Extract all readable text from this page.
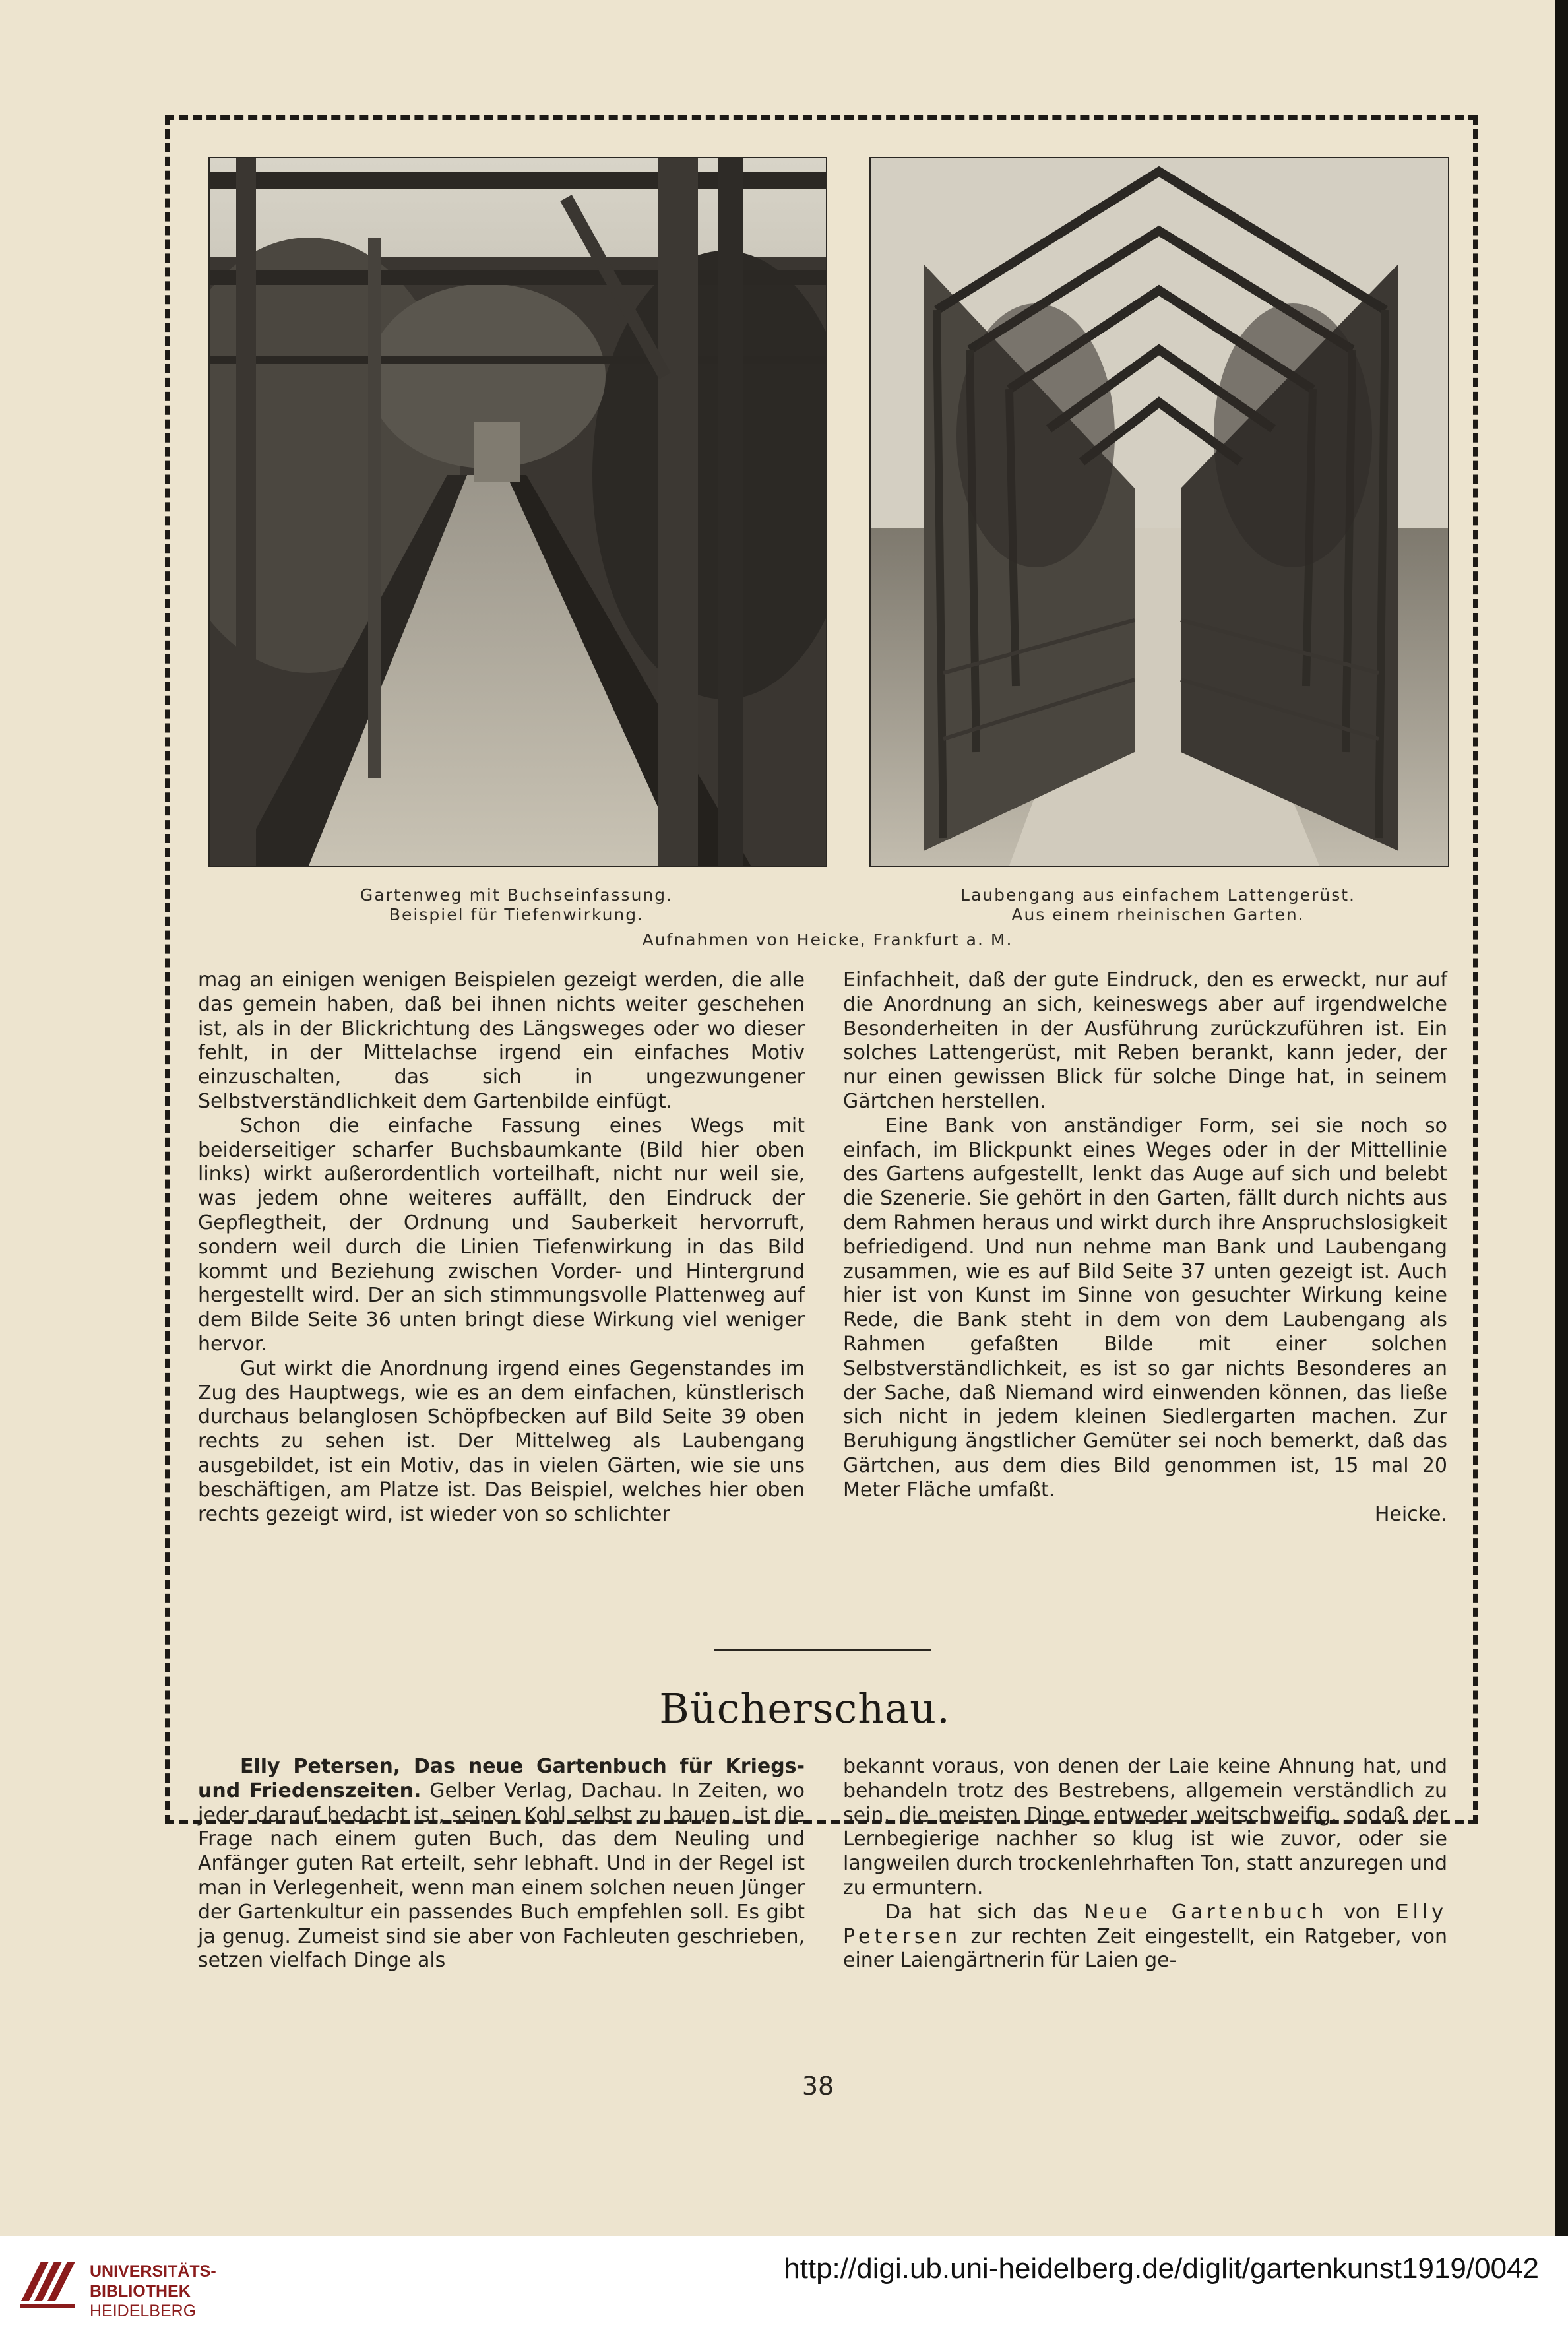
Gartenweg mit Buchseinfassung.
Beispiel für Tiefenwirkung.
Laubengang aus einfachem Lattengerüst.
Aus einem rheinischen Garten.
Aufnahmen von Heicke, Frankfurt a. M.

mag an einigen wenigen Beispielen gezeigt werden, die alle das gemein haben, daß bei ihnen nichts weiter geschehen ist, als in der Blickrichtung des Längsweges oder wo dieser fehlt, in der Mittelachse irgend ein einfaches Motiv einzuschalten, das sich in ungezwungener Selbstverständlichkeit dem Gartenbilde einfügt.

Schon die einfache Fassung eines Wegs mit beiderseitiger scharfer Buchsbaumkante (Bild hier oben links) wirkt außerordentlich vorteilhaft, nicht nur weil sie, was jedem ohne weiteres auffällt, den Eindruck der Gepflegtheit, der Ordnung und Sauberkeit hervorruft, sondern weil durch die Linien Tiefenwirkung in das Bild kommt und Beziehung zwischen Vorder- und Hintergrund hergestellt wird. Der an sich stimmungsvolle Plattenweg auf dem Bilde Seite 36 unten bringt diese Wirkung viel weniger hervor.

Gut wirkt die Anordnung irgend eines Gegenstandes im Zug des Hauptwegs, wie es an dem einfachen, künstlerisch durchaus belanglosen Schöpfbecken auf Bild Seite 39 oben rechts zu sehen ist. Der Mittelweg als Laubengang ausgebildet, ist ein Motiv, das in vielen Gärten, wie sie uns beschäftigen, am Platze ist. Das Beispiel, welches hier oben rechts gezeigt wird, ist wieder von so schlichter

Einfachheit, daß der gute Eindruck, den es erweckt, nur auf die Anordnung an sich, keineswegs aber auf irgendwelche Besonderheiten in der Ausführung zurückzuführen ist. Ein solches Lattengerüst, mit Reben berankt, kann jeder, der nur einen gewissen Blick für solche Dinge hat, in seinem Gärtchen herstellen.

Eine Bank von anständiger Form, sei sie noch so einfach, im Blickpunkt eines Weges oder in der Mittellinie des Gartens aufgestellt, lenkt das Auge auf sich und belebt die Szenerie. Sie gehört in den Garten, fällt durch nichts aus dem Rahmen heraus und wirkt durch ihre Anspruchslosigkeit befriedigend. Und nun nehme man Bank und Laubengang zusammen, wie es auf Bild Seite 37 unten gezeigt ist. Auch hier ist von Kunst im Sinne von gesuchter Wirkung keine Rede, die Bank steht in dem von dem Laubengang als Rahmen gefaßten Bilde mit einer solchen Selbstverständlichkeit, es ist so gar nichts Besonderes an der Sache, daß Niemand wird einwenden können, das ließe sich nicht in jedem kleinen Siedlergarten machen. Zur Beruhigung ängstlicher Gemüter sei noch bemerkt, daß das Gärtchen, aus dem dies Bild genommen ist, 15 mal 20 Meter Fläche umfaßt.

Heicke.

Bücherschau.

Elly Petersen, Das neue Gartenbuch für Kriegs- und Friedenszeiten. Gelber Verlag, Dachau. In Zeiten, wo jeder darauf bedacht ist, seinen Kohl selbst zu bauen, ist die Frage nach einem guten Buch, das dem Neuling und Anfänger guten Rat erteilt, sehr lebhaft. Und in der Regel ist man in Verlegenheit, wenn man einem solchen neuen Jünger der Gartenkultur ein passendes Buch empfehlen soll. Es gibt ja genug. Zumeist sind sie aber von Fachleuten geschrieben, setzen vielfach Dinge als

bekannt voraus, von denen der Laie keine Ahnung hat, und behandeln trotz des Bestrebens, allgemein verständlich zu sein, die meisten Dinge entweder weitschweifig, sodaß der Lernbegierige nachher so klug ist wie zuvor, oder sie langweilen durch trockenlehrhaften Ton, statt anzuregen und zu ermuntern.

Da hat sich das Neue Gartenbuch von Elly Petersen zur rechten Zeit eingestellt, ein Ratgeber, von einer Laiengärtnerin für Laien ge-

38
UNIVERSITÄTS-
BIBLIOTHEK
HEIDELBERG
http://digi.ub.uni-heidelberg.de/diglit/gartenkunst1919/0042
